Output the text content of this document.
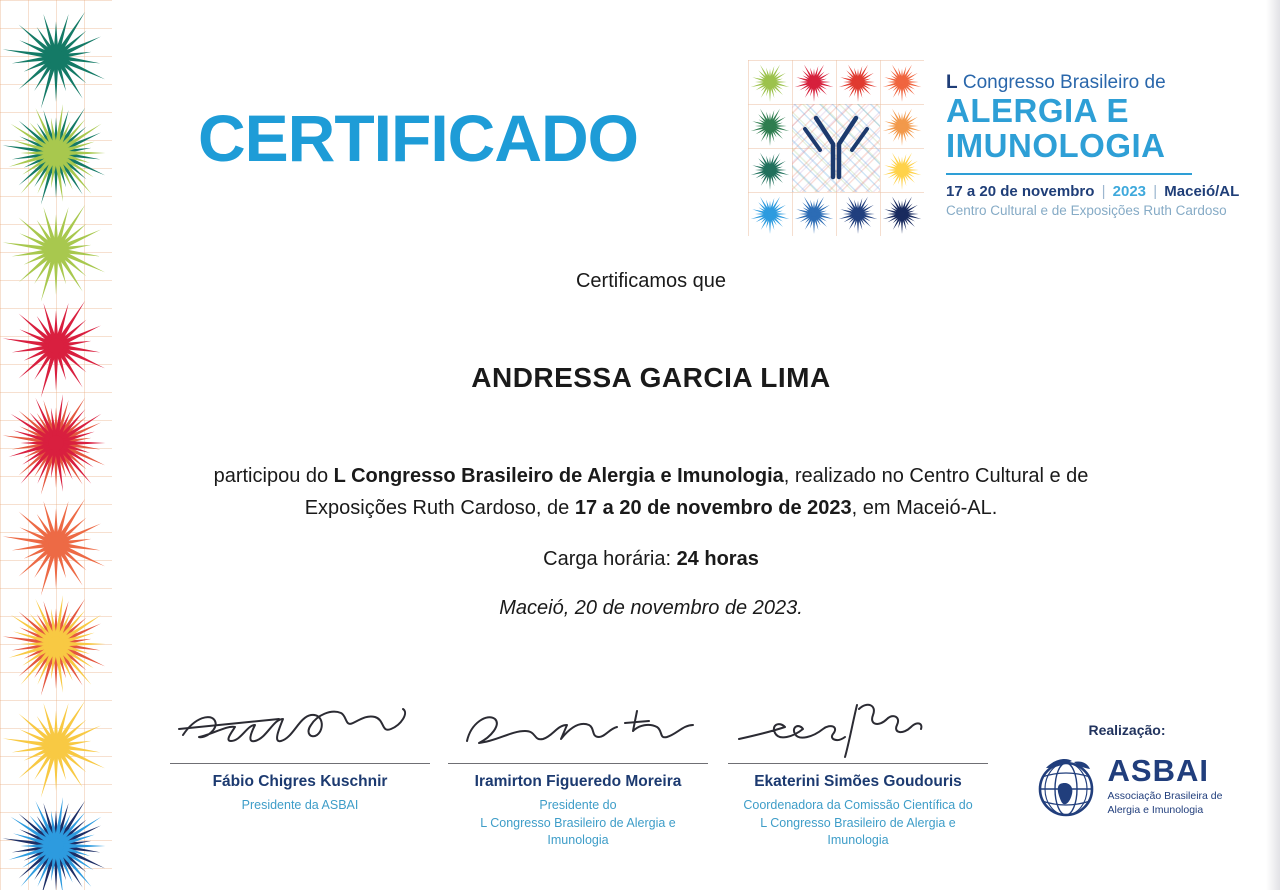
CERTIFICADO
L Congresso Brasileiro de
ALERGIA E
IMUNOLOGIA
17 a 20 de novembro | 2023 | Maceió/AL
Centro Cultural e de Exposições Ruth Cardoso

Certificamos que

ANDRESSA GARCIA LIMA

participou do L Congresso Brasileiro de Alergia e Imunologia, realizado no Centro Cultural e de Exposições Ruth Cardoso, de 17 a 20 de novembro de 2023, em Maceió-AL.

Carga horária: 24 horas

Maceió, 20 de novembro de 2023.

Fábio Chigres Kuschnir
Presidente da ASBAI
Iramirton Figueredo Moreira
Presidente do
L Congresso Brasileiro de Alergia e Imunologia
Ekaterini Simões Goudouris
Coordenadora da Comissão Científica do
L Congresso Brasileiro de Alergia e Imunologia
Realização:
ASBAI
Associação Brasileira de
Alergia e Imunologia
